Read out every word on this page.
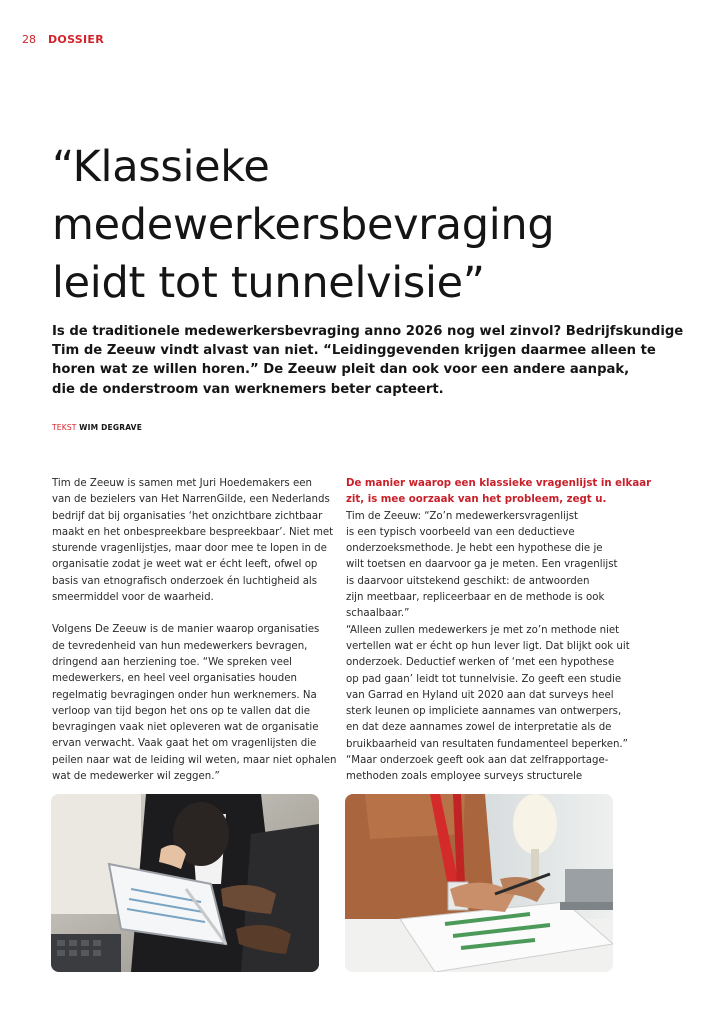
28 DOSSIER
“Klassieke
medewerkersbevraging
leidt tot tunnelvisie”

Is de traditionele medewerkersbevraging anno 2026 nog wel zinvol? Bedrijfskundige
Tim de Zeeuw vindt alvast van niet. “Leidinggevenden krijgen daarmee alleen te
horen wat ze willen horen.” De Zeeuw pleit dan ook voor een andere aanpak,
die de onderstroom van werknemers beter capteert.

TEKST WIM DEGRAVE

Tim de Zeeuw is samen met Juri Hoedemakers een
van de bezielers van Het NarrenGilde, een Nederlands
bedrijf dat bij organisaties ‘het onzichtbare zichtbaar
maakt en het onbespreekbare bespreekbaar’. Niet met
sturende vragenlijstjes, maar door mee te lopen in de
organisatie zodat je weet wat er écht leeft, ofwel op
basis van etnografisch onderzoek én luchtigheid als
smeermiddel voor de waarheid.

Volgens De Zeeuw is de manier waarop organisaties
de tevredenheid van hun medewerkers bevragen,
dringend aan herziening toe. “We spreken veel
medewerkers, en heel veel organisaties houden
regelmatig bevragingen onder hun werknemers. Na
verloop van tijd begon het ons op te vallen dat die
bevragingen vaak niet opleveren wat de organisatie
ervan verwacht. Vaak gaat het om vragenlijsten die
peilen naar wat de leiding wil weten, maar niet ophalen
wat de medewerker wil zeggen.”

De manier waarop een klassieke vragenlijst in elkaar
zit, is mee oorzaak van het probleem, zegt u.

Tim de Zeeuw: “Zo’n medewerkersvragenlijst
is een typisch voorbeeld van een deductieve
onderzoeksmethode. Je hebt een hypothese die je
wilt toetsen en daarvoor ga je meten. Een vragenlijst
is daarvoor uitstekend geschikt: de antwoorden
zijn meetbaar, repliceerbaar en de methode is ook
schaalbaar.”
“Alleen zullen medewerkers je met zo’n methode niet
vertellen wat er écht op hun lever ligt. Dat blijkt ook uit
onderzoek. Deductief werken of ‘met een hypothese
op pad gaan’ leidt tot tunnelvisie. Zo geeft een studie
van Garrad en Hyland uit 2020 aan dat surveys heel
sterk leunen op impliciete aannames van ontwerpers,
en dat deze aannames zowel de interpretatie als de
bruikbaarheid van resultaten fundamenteel beperken.”
“Maar onderzoek geeft ook aan dat zelfrapportage-
methoden zoals employee surveys structurele
